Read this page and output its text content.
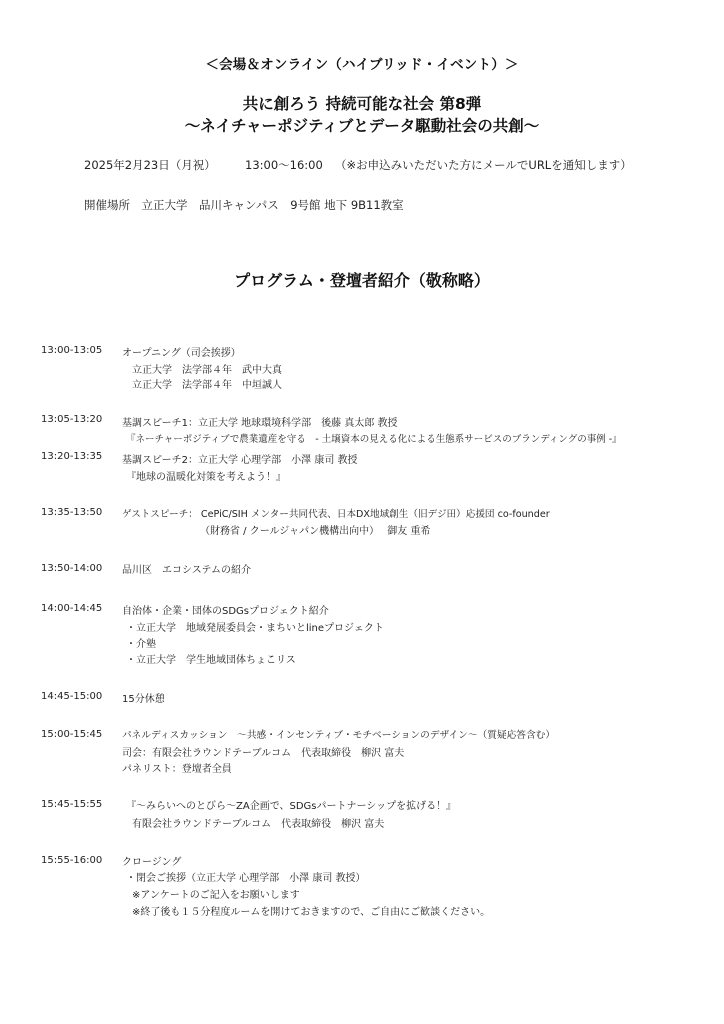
＜会場＆オンライン（ハイブリッド・イベント）＞
共に創ろう 持続可能な社会 第8弾
〜ネイチャーポジティブとデータ駆動社会の共創〜
2025年2月23日（月祝）	13:00〜16:00 （※お申込みいただいた方にメールでURLを通知します）
開催場所　立正大学　品川キャンパス　9号館 地下 9B11教室
プログラム・登壇者紹介（敬称略）
13:00-13:05 オープニング（司会挨拶）
立正大学　法学部４年　武中大真
立正大学　法学部４年　中垣誠人
13:05-13:20 基調スピーチ1：立正大学 地球環境科学部　後藤 真太郎 教授
『ネーチャーポジティブで農業遺産を守る　- 土壌資本の見える化による生態系サービスのブランディングの事例 -』
13:20-13:35 基調スピーチ2：立正大学 心理学部　小澤 康司 教授
『地球の温暖化対策を考えよう！』
13:35-13:50 ゲストスピーチ： CePiC/SIH メンター共同代表、日本DX地域創生（旧デジ田）応援団 co-founder
（財務省 / クールジャパン機構出向中）　 御友 重希
13:50-14:00 品川区　エコシステムの紹介
14:00-14:45 自治体・企業・団体のSDGsプロジェクト紹介
・立正大学　地域発展委員会・まちいとlineプロジェクト
・介塾
・立正大学　学生地域団体ちょこリス
14:45-15:00 15分休憩
15:00-15:45 パネルディスカッション　〜共感・インセンティブ・モチベーションのデザイン〜（質疑応答含む）
司会：有限会社ラウンドテーブルコム　代表取締役　柳沢 富夫
パネリスト：登壇者全員
15:45-15:55 『〜みらいへのとびら〜ZA企画で、SDGsパートナーシップを拡げる！』
有限会社ラウンドテーブルコム　代表取締役　柳沢 富夫
15:55-16:00 クロージング
・閉会ご挨拶（立正大学 心理学部　小澤 康司 教授）
※アンケートのご記入をお願いします
※終了後も１５分程度ルームを開けておきますので、ご自由にご歓談ください。
